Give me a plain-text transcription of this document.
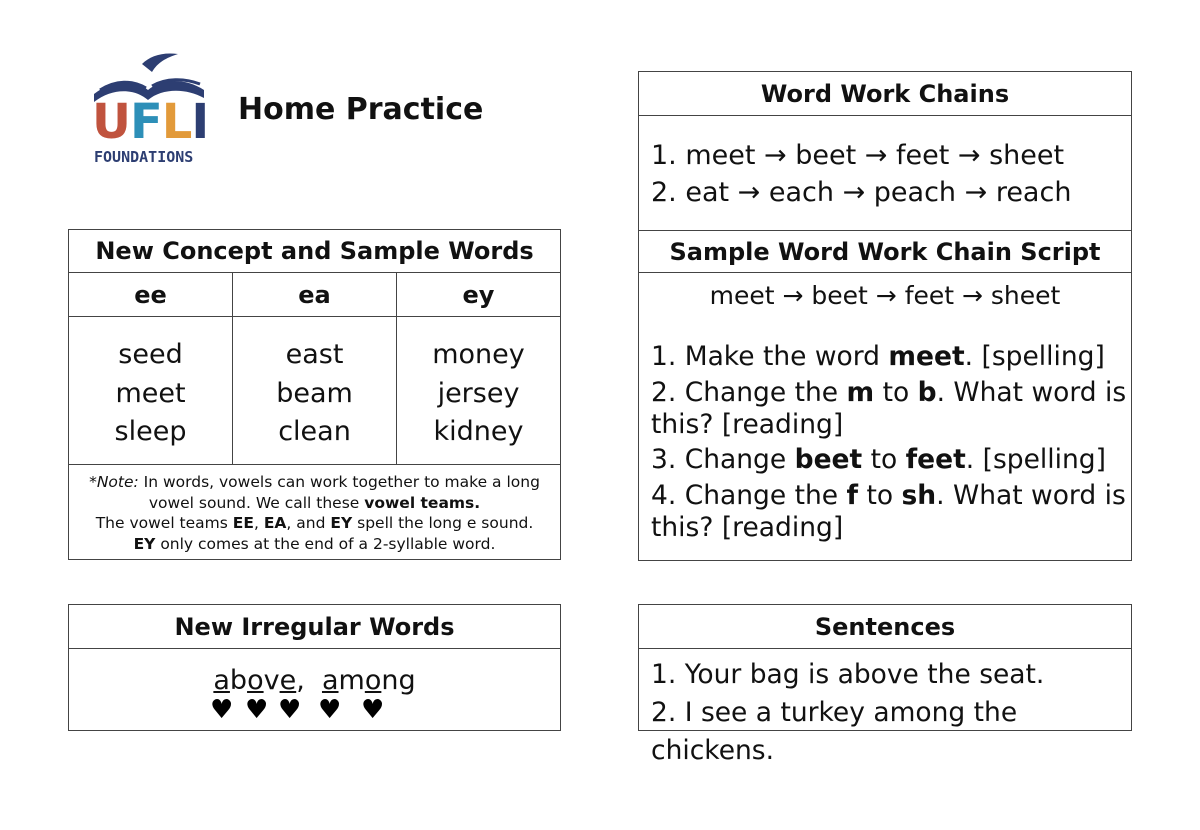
UFLI
FOUNDATIONS
Home Practice
New Concept and Sample Words
ee	ea	ey
seed
meet
sleep
east
beam
clean
money
jersey
kidney
*Note: In words, vowels can work together to make a long
vowel sound. We call these vowel teams.
The vowel teams EE, EA, and EY spell the long e sound.
EY only comes at the end of a 2-syllable word.
New Irregular Words
above, among
♥ ♥ ♥ ♥ ♥
Word Work Chains
1. meet → beet → feet → sheet
2. eat → each → peach → reach
Sample Word Work Chain Script
meet → beet → feet → sheet
1. Make the word meet. [spelling]
2. Change the m to b. What word is this? [reading]
3. Change beet to feet. [spelling]
4. Change the f to sh. What word is this? [reading]
Sentences
1. Your bag is above the seat.
2. I see a turkey among the chickens.
